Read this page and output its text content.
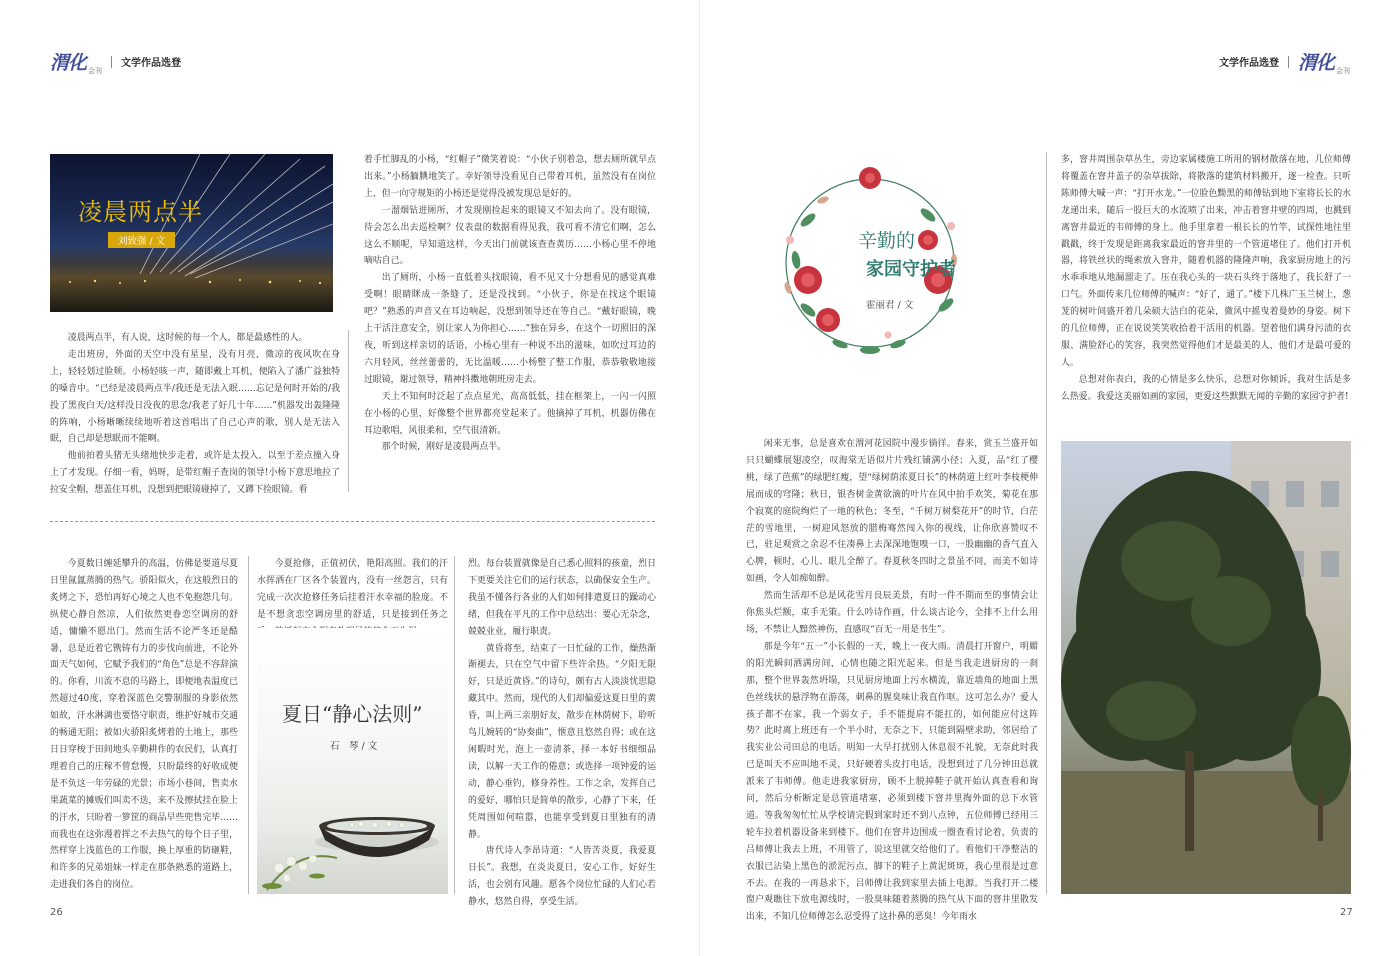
渭化 会刊
文学作品选登
凌晨两点半
刘致强 / 文

凌晨两点半，有人说，这时候的每一个人，都是最感性的人。

走出班房，外面的天空中没有星星，没有月亮，微凉的夜风吹在身上，轻轻划过脸颊。小杨轻咳一声，随即戴上耳机，便陷入了潘广益独特的嗓音中。“已经是凌晨两点半/我还是无法入眠……忘记是何时开始的/我投了黑夜白天/这样没日没夜的思念/我老了好几十年……”机器发出轰隆隆的阵响，小杨晰晰续续地听着这首唱出了自己心声的歌，别人是无法入眠，自己却是想眠而不能啊。

他前拍着头猪无头绪地快步走着，或许是太投入，以至于差点撞入身上了才发现。仔细一看，妈呀，是带红帽子查岗的领导!小杨下意思地拉了拉安全帽，想盖住耳机，没想到把眼镜碰掉了，又蹲下捡眼镜。看

着手忙脚乱的小杨，“红帽子”微笑着说：“小伙子别着急，想去厕所就早点出来。”小杨腼腆地笑了。幸好领导没看见自己带着耳机，虽然没有在岗位上，但一向守规矩的小杨还是觉得没被发现总是好的。

一溜烟钻进厕所，才发现刚捡起来的眼镜又不知去向了。没有眼镜，待会怎么出去巡检啊？仪表盘的数据看得见我，我可看不清它们啊，怎么这么不顺呢，早知道这样，今天出门前就该查查黄历……小杨心里不停地嘀咕自己。

出了厕所，小杨一直低着头找眼镜，看不见又十分想看见的感觉真难受啊！眼睛眯成一条缝了，还是没找到。“小伙子，你是在找这个眼镜吧？”熟悉的声音又在耳边响起，没想到领导还在等自己。“戴好眼镜，晚上干活注意安全，别让家人为你担心……”独在异乡，在这个一切照旧的深夜，听到这样亲切的话语，小杨心里有一种说不出的滋味，如吹过耳边的六月轻风，丝丝蕾蕾的，无比温暖……小杨整了整工作服，恭恭敬敬地接过眼镜，谢过领导，精神抖擞地朝班房走去。

天上不知何时泛起了点点星光，高高低低，挂在框架上，一闪一闪照在小杨的心里，好像整个世界都亮堂起来了。他摘掉了耳机，机器仿佛在耳边歌唱，风很柔和，空气很清新。

那个时候，刚好是凌晨两点半。

今夏数日缠延攀升的高温，仿佛是要道尽夏日里氤氲蒸腾的热气。骄阳似火，在这般烈日的炙烤之下，恐怕再好心境之人也不免抱怨几句。纵使心静自然凉，人们依然更眷恋空调房的舒适，慵懒不愿出门。然而生活不论严冬还是酷暑，总是近着它镌铸有力的步伐向前进，不论外面天气如何，它赋予我们的“角色”总是不容辞演的。你看，川流不息的马路上，即便地表温度已然超过40度，穿着深蓝色交警制服的身影依然如故，汗水淋漓也要恪守职责，维护好城市交通的畅通无阻；被如火骄阳炙烤着的土地上，那些日日穿梭于田间地头辛勤耕作的农民们，认真打理着自己的庄稼不曾怠慢，只盼最终的好收成便是不负这一年劳碌的光景；市场小巷间，售卖水果蔬菜的摊贩们叫卖不迭，来不及擦拭挂在脸上的汗水，只盼着一箩筐的商品早些兜售完毕……而我也在这弥漫着挥之不去热气的每个日子里，然样穿上浅蓝色的工作服，换上厚重的防砸鞋，和许多的兄弟姐妹一样走在那条熟悉的道路上，走进我们各自的岗位。

今夏抢修，正值初伏，艳阳高照。我们的汗水挥洒在厂区各个装置内，没有一丝怨言，只有完成一次次抢修任务后挂着汗水幸福的脸庞。不是不想贪恋空调房里的舒适，只是接到任务之

夏日“静心法则”
石　琴 / 文

烈。每台装置就像是自己悉心照料的孩童，烈日下更要关注它们的运行状态，以确保安全生产。我虽不懂各行各业的人们如何排遣夏日的躁动心绪，但我在平凡的工作中总结出：要心无杂念，兢兢业业，履行职责。

黄昏将至，结束了一日忙碌的工作，燥热渐渐褪去，只在空气中留下些许余热。“夕阳无限好，只是近黄昏。”的诗句，颇有古人淡淡忧思隐藏其中。然而，现代的人们却偏爱这夏日里的黄昏，叫上两三亲朋好友，散步在林荫树下，聆听鸟儿婉转的“协奏曲”，惬意且悠然自得；或在这闲暇时光，泡上一壶清茶，择一本好书细细品读，以解一天工作的倦意；或选择一项钟爱的运动，静心垂钓，修身养性。工作之余，发挥自己的爱好，哪怕只是简单的散步，心静了下来，任凭周围如何喧嚣，也能享受到夏日里独有的清静。

唐代诗人李昂诗道：“人皆苦炎夏，我爱夏日长”。我想，在炎炎夏日，安心工作，好好生活，也会别有风趣。愿各个岗位忙碌的人们心若静水，悠然自得，享受生活。

26
文学作品选登 渭化 会刊
辛勤的
家园守护者
霍丽君 / 文

闲来无事，总是喜欢在渭河花园院中漫步徜徉。春来，赏玉兰盛开如只只蝴蝶展翅凌空，叹海棠无语似片片残红铺满小径；入夏，品“红了樱桃，绿了芭蕉”的绿肥红瘦，望“绿树荫浓夏日长”的林荫道上红叶李枝梗伸展而成的穹隆；秋日，银杏树金黄欲滴的叶片在风中拍手欢笑，菊花在那个寂寞的庭院绚烂了一地的秋色；冬至，“千树万树梨花开”的时节，白茫茫的雪地里，一树迎风怒放的腊梅骞然闯入你的视线，让你欣喜赞叹不已，驻足观赏之余忍不住凑鼻上去深深地饱嗅一口，一股幽幽的香气直入心脾，顿时，心儿、眼儿全醉了。春夏秋冬四时之景虽不同，而美不如诗如画，令人如痴如醉。

然而生活却不总是风花雪月良辰美景，有时一件不期而至的事情会让你焦头烂额，束手无策。什么吟诗作画，什么谈古论今，全排不上什么用场，不禁让人黯然神伤，直感叹“百无一用是书生”。

那是今年“五一”小长假的一天，晚上一夜大雨。清晨打开窗户，明媚的阳光瞬间洒满房间，心情也随之阳光起来。但是当我走进厨房的一刹那，整个世界轰然坍塌，只见厨房地面上污水横流，靠近墙角的地面上黑色丝线状的悬浮物在游荡，刺鼻的腥臭味让我直作呕。这可怎么办？爱人孩子都不在家，我一个弱女子，手不能提肩不能扛的，如何能应付这阵势？此时离上班还有一个半小时，无奈之下，只能到隔壁求助，邻居给了我实业公司田总的电话。明知一大早打扰别人休息很不礼貌，无奈此时我已是叫天不应叫地不灵，只好硬着头皮打电话，没想到过了几分钟田总就派来了韦师傅。他走进我家厨房，顾不上脱掉鞋子就开始认真查看和询问，然后分析断定是总管道堵塞，必须到楼下窨井里掏外面的总下水管道。等我匆匆忙忙从学校请完假到家时还不到八点钟，五位师傅已经用三轮车拉着机器设备来到楼下。他们在窨井边围成一圈查看讨论着，负责的吕师傅让我去上班，不用管了，说这里就交给他们了。看他们干净整洁的衣服已沾染上黑色的淤泥污点，脚下的鞋子上黄泥斑斑，我心里很是过意不去。在我的一再恳求下，吕师傅让我到家里去插上电源。当我打开二楼窗户观瞧往下放电源线时，一股臭味随着蒸腾的热气从下面的窨井里散发出来，不知几位师傅怎么忍受得了这扑鼻的恶臭！今年雨水

多，窨井周围杂草丛生，旁边家属楼施工所用的钢材散落在地，几位师傅将覆盖在窨井盖子的杂草拔除，将散落的建筑材料搬开，逐一检查。只听陈师傅大喊一声：“打开水龙。”一位脸色黝黑的师傅钻到地下室将长长的水龙递出来，随后一股巨大的水流喷了出来，冲击着窨井壁的四周，也溅到离窨井最近的韦师傅的身上。他手里拿着一根长长的竹竿，试探性地往里戳戳，终于发现是距离我家最近的窨井里的一个管道堵住了。他们打开机器，将铁丝状的绳索放入窨井，随着机器的隆隆声响，我家厨房地上的污水乖乖地从地漏溜走了。压在我心头的一块石头终于落地了，我长舒了一口气。外面传来几位师傅的喊声：“好了，通了。”楼下几株广玉兰树上，葱茏的树叶间盛开着几朵硕大洁白的花朵，微风中摇曳着曼妙的身姿。树下的几位师傅，正在说说笑笑收拾着干活用的机器。望着他们满身污渍的衣服、满脸舒心的笑容，我突然觉得他们才是最美的人，他们才是最可爱的人。

总想对你表白，我的心情是多么快乐，总想对你倾诉，我对生活是多么热爱。我爱这美丽如画的家园，更爱这些默默无闻的辛勤的家园守护者!

27
